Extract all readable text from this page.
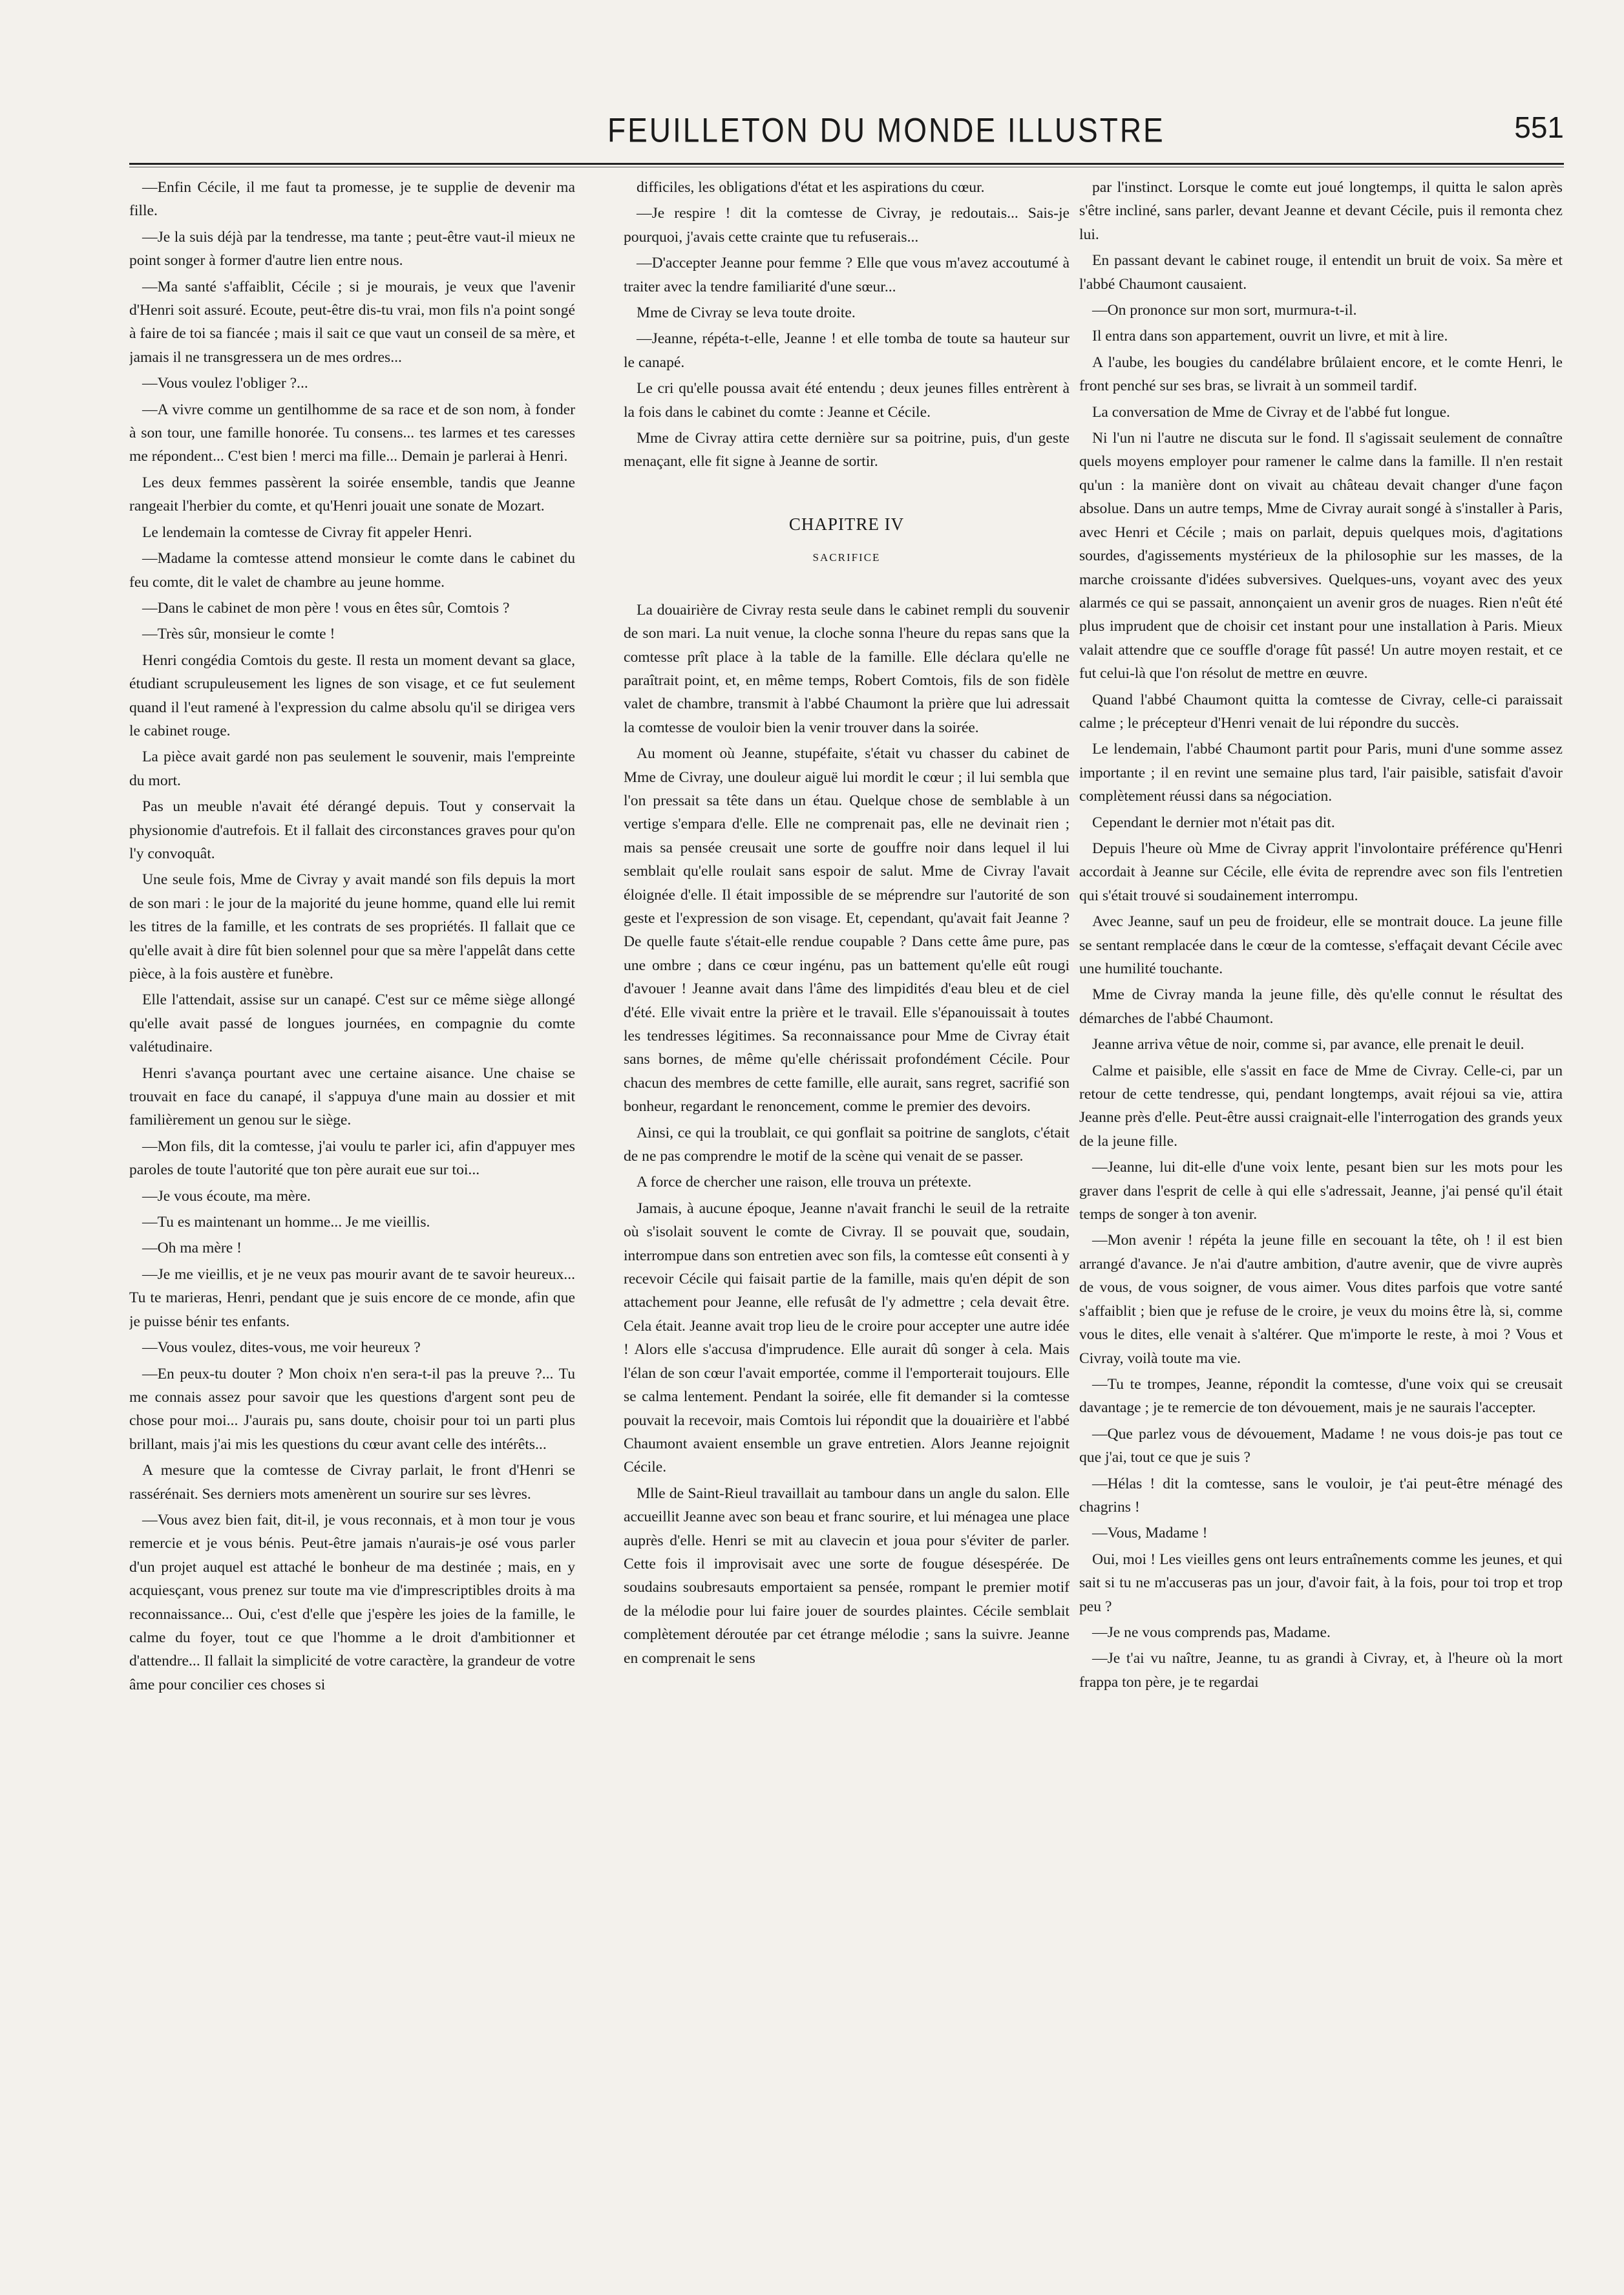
FEUILLETON DU MONDE ILLUSTRE	551

—Enfin Cécile, il me faut ta promesse, je te supplie de devenir ma fille.

—Je la suis déjà par la tendresse, ma tante ; peut-être vaut-il mieux ne point songer à former d'autre lien entre nous.

—Ma santé s'affaiblit, Cécile ; si je mourais, je veux que l'avenir d'Henri soit assuré. Ecoute, peut-être dis-tu vrai, mon fils n'a point songé à faire de toi sa fiancée ; mais il sait ce que vaut un conseil de sa mère, et jamais il ne transgressera un de mes ordres...

—Vous voulez l'obliger ?...

—A vivre comme un gentilhomme de sa race et de son nom, à fonder à son tour, une famille honorée. Tu consens... tes larmes et tes caresses me répondent... C'est bien ! merci ma fille... Demain je parlerai à Henri.

Les deux femmes passèrent la soirée ensemble, tandis que Jeanne rangeait l'herbier du comte, et qu'Henri jouait une sonate de Mozart.

Le lendemain la comtesse de Civray fit appeler Henri.

—Madame la comtesse attend monsieur le comte dans le cabinet du feu comte, dit le valet de chambre au jeune homme.

—Dans le cabinet de mon père ! vous en êtes sûr, Comtois ?

—Très sûr, monsieur le comte !

Henri congédia Comtois du geste. Il resta un moment devant sa glace, étudiant scrupuleusement les lignes de son visage, et ce fut seulement quand il l'eut ramené à l'expression du calme absolu qu'il se dirigea vers le cabinet rouge.

La pièce avait gardé non pas seulement le souvenir, mais l'empreinte du mort.

Pas un meuble n'avait été dérangé depuis. Tout y conservait la physionomie d'autrefois. Et il fallait des circonstances graves pour qu'on l'y convoquât.

Une seule fois, Mme de Civray y avait mandé son fils depuis la mort de son mari : le jour de la majorité du jeune homme, quand elle lui remit les titres de la famille, et les contrats de ses propriétés. Il fallait que ce qu'elle avait à dire fût bien solennel pour que sa mère l'appelât dans cette pièce, à la fois austère et funèbre.

Elle l'attendait, assise sur un canapé. C'est sur ce même siège allongé qu'elle avait passé de longues journées, en compagnie du comte valétudinaire.

Henri s'avança pourtant avec une certaine aisance. Une chaise se trouvait en face du canapé, il s'appuya d'une main au dossier et mit familièrement un genou sur le siège.

—Mon fils, dit la comtesse, j'ai voulu te parler ici, afin d'appuyer mes paroles de toute l'autorité que ton père aurait eue sur toi...

—Je vous écoute, ma mère.

—Tu es maintenant un homme... Je me vieillis.

—Oh ma mère !

—Je me vieillis, et je ne veux pas mourir avant de te savoir heureux... Tu te marieras, Henri, pendant que je suis encore de ce monde, afin que je puisse bénir tes enfants.

—Vous voulez, dites-vous, me voir heureux ?

—En peux-tu douter ? Mon choix n'en sera-t-il pas la preuve ?... Tu me connais assez pour savoir que les questions d'argent sont peu de chose pour moi... J'aurais pu, sans doute, choisir pour toi un parti plus brillant, mais j'ai mis les questions du cœur avant celle des intérêts...

A mesure que la comtesse de Civray parlait, le front d'Henri se rassérénait. Ses derniers mots amenèrent un sourire sur ses lèvres.

—Vous avez bien fait, dit-il, je vous reconnais, et à mon tour je vous remercie et je vous bénis. Peut-être jamais n'aurais-je osé vous parler d'un projet auquel est attaché le bonheur de ma destinée ; mais, en y acquiesçant, vous prenez sur toute ma vie d'imprescriptibles droits à ma reconnaissance... Oui, c'est d'elle que j'espère les joies de la famille, le calme du foyer, tout ce que l'homme a le droit d'ambitionner et d'attendre... Il fallait la simplicité de votre caractère, la grandeur de votre âme pour concilier ces choses si

difficiles, les obligations d'état et les aspirations du cœur.

—Je respire ! dit la comtesse de Civray, je redoutais... Sais-je pourquoi, j'avais cette crainte que tu refuserais...

—D'accepter Jeanne pour femme ? Elle que vous m'avez accoutumé à traiter avec la tendre familiarité d'une sœur...

Mme de Civray se leva toute droite.

—Jeanne, répéta-t-elle, Jeanne ! et elle tomba de toute sa hauteur sur le canapé.

Le cri qu'elle poussa avait été entendu ; deux jeunes filles entrèrent à la fois dans le cabinet du comte : Jeanne et Cécile.

Mme de Civray attira cette dernière sur sa poitrine, puis, d'un geste menaçant, elle fit signe à Jeanne de sortir.

CHAPITRE IV
SACRIFICE

La douairière de Civray resta seule dans le cabinet rempli du souvenir de son mari. La nuit venue, la cloche sonna l'heure du repas sans que la comtesse prît place à la table de la famille. Elle déclara qu'elle ne paraîtrait point, et, en même temps, Robert Comtois, fils de son fidèle valet de chambre, transmit à l'abbé Chaumont la prière que lui adressait la comtesse de vouloir bien la venir trouver dans la soirée.

Au moment où Jeanne, stupéfaite, s'était vu chasser du cabinet de Mme de Civray, une douleur aiguë lui mordit le cœur ; il lui sembla que l'on pressait sa tête dans un étau. Quelque chose de semblable à un vertige s'empara d'elle. Elle ne comprenait pas, elle ne devinait rien ; mais sa pensée creusait une sorte de gouffre noir dans lequel il lui semblait qu'elle roulait sans espoir de salut. Mme de Civray l'avait éloignée d'elle. Il était impossible de se méprendre sur l'autorité de son geste et l'expression de son visage. Et, cependant, qu'avait fait Jeanne ? De quelle faute s'était-elle rendue coupable ? Dans cette âme pure, pas une ombre ; dans ce cœur ingénu, pas un battement qu'elle eût rougi d'avouer ! Jeanne avait dans l'âme des limpidités d'eau bleu et de ciel d'été. Elle vivait entre la prière et le travail. Elle s'épanouissait à toutes les tendresses légitimes. Sa reconnaissance pour Mme de Civray était sans bornes, de même qu'elle chérissait profondément Cécile. Pour chacun des membres de cette famille, elle aurait, sans regret, sacrifié son bonheur, regardant le renoncement, comme le premier des devoirs.

Ainsi, ce qui la troublait, ce qui gonflait sa poitrine de sanglots, c'était de ne pas comprendre le motif de la scène qui venait de se passer.

A force de chercher une raison, elle trouva un prétexte.

Jamais, à aucune époque, Jeanne n'avait franchi le seuil de la retraite où s'isolait souvent le comte de Civray. Il se pouvait que, soudain, interrompue dans son entretien avec son fils, la comtesse eût consenti à y recevoir Cécile qui faisait partie de la famille, mais qu'en dépit de son attachement pour Jeanne, elle refusât de l'y admettre ; cela devait être. Cela était. Jeanne avait trop lieu de le croire pour accepter une autre idée ! Alors elle s'accusa d'imprudence. Elle aurait dû songer à cela. Mais l'élan de son cœur l'avait emportée, comme il l'emporterait toujours. Elle se calma lentement. Pendant la soirée, elle fit demander si la comtesse pouvait la recevoir, mais Comtois lui répondit que la douairière et l'abbé Chaumont avaient ensemble un grave entretien. Alors Jeanne rejoignit Cécile.

Mlle de Saint-Rieul travaillait au tambour dans un angle du salon. Elle accueillit Jeanne avec son beau et franc sourire, et lui ménagea une place auprès d'elle. Henri se mit au clavecin et joua pour s'éviter de parler. Cette fois il improvisait avec une sorte de fougue désespérée. De soudains soubresauts emportaient sa pensée, rompant le premier motif de la mélodie pour lui faire jouer de sourdes plaintes. Cécile semblait complètement déroutée par cet étrange mélodie ; sans la suivre. Jeanne en comprenait le sens

par l'instinct. Lorsque le comte eut joué longtemps, il quitta le salon après s'être incliné, sans parler, devant Jeanne et devant Cécile, puis il remonta chez lui.

En passant devant le cabinet rouge, il entendit un bruit de voix. Sa mère et l'abbé Chaumont causaient.

—On prononce sur mon sort, murmura-t-il.

Il entra dans son appartement, ouvrit un livre, et mit à lire.

A l'aube, les bougies du candélabre brûlaient encore, et le comte Henri, le front penché sur ses bras, se livrait à un sommeil tardif.

La conversation de Mme de Civray et de l'abbé fut longue.

Ni l'un ni l'autre ne discuta sur le fond. Il s'agissait seulement de connaître quels moyens employer pour ramener le calme dans la famille. Il n'en restait qu'un : la manière dont on vivait au château devait changer d'une façon absolue. Dans un autre temps, Mme de Civray aurait songé à s'installer à Paris, avec Henri et Cécile ; mais on parlait, depuis quelques mois, d'agitations sourdes, d'agissements mystérieux de la philosophie sur les masses, de la marche croissante d'idées subversives. Quelques-uns, voyant avec des yeux alarmés ce qui se passait, annonçaient un avenir gros de nuages. Rien n'eût été plus imprudent que de choisir cet instant pour une installation à Paris. Mieux valait attendre que ce souffle d'orage fût passé! Un autre moyen restait, et ce fut celui-là que l'on résolut de mettre en œuvre.

Quand l'abbé Chaumont quitta la comtesse de Civray, celle-ci paraissait calme ; le précepteur d'Henri venait de lui répondre du succès.

Le lendemain, l'abbé Chaumont partit pour Paris, muni d'une somme assez importante ; il en revint une semaine plus tard, l'air paisible, satisfait d'avoir complètement réussi dans sa négociation.

Cependant le dernier mot n'était pas dit.

Depuis l'heure où Mme de Civray apprit l'involontaire préférence qu'Henri accordait à Jeanne sur Cécile, elle évita de reprendre avec son fils l'entretien qui s'était trouvé si soudainement interrompu.

Avec Jeanne, sauf un peu de froideur, elle se montrait douce. La jeune fille se sentant remplacée dans le cœur de la comtesse, s'effaçait devant Cécile avec une humilité touchante.

Mme de Civray manda la jeune fille, dès qu'elle connut le résultat des démarches de l'abbé Chaumont.

Jeanne arriva vêtue de noir, comme si, par avance, elle prenait le deuil.

Calme et paisible, elle s'assit en face de Mme de Civray. Celle-ci, par un retour de cette tendresse, qui, pendant longtemps, avait réjoui sa vie, attira Jeanne près d'elle. Peut-être aussi craignait-elle l'interrogation des grands yeux de la jeune fille.

—Jeanne, lui dit-elle d'une voix lente, pesant bien sur les mots pour les graver dans l'esprit de celle à qui elle s'adressait, Jeanne, j'ai pensé qu'il était temps de songer à ton avenir.

—Mon avenir ! répéta la jeune fille en secouant la tête, oh ! il est bien arrangé d'avance. Je n'ai d'autre ambition, d'autre avenir, que de vivre auprès de vous, de vous soigner, de vous aimer. Vous dites parfois que votre santé s'affaiblit ; bien que je refuse de le croire, je veux du moins être là, si, comme vous le dites, elle venait à s'altérer. Que m'importe le reste, à moi ? Vous et Civray, voilà toute ma vie.

—Tu te trompes, Jeanne, répondit la comtesse, d'une voix qui se creusait davantage ; je te remercie de ton dévouement, mais je ne saurais l'accepter.

—Que parlez vous de dévouement, Madame ! ne vous dois-je pas tout ce que j'ai, tout ce que je suis ?

—Hélas ! dit la comtesse, sans le vouloir, je t'ai peut-être ménagé des chagrins !

—Vous, Madame !

Oui, moi ! Les vieilles gens ont leurs entraînements comme les jeunes, et qui sait si tu ne m'accuseras pas un jour, d'avoir fait, à la fois, pour toi trop et trop peu ?

—Je ne vous comprends pas, Madame.

—Je t'ai vu naître, Jeanne, tu as grandi à Civray, et, à l'heure où la mort frappa ton père, je te regardai
